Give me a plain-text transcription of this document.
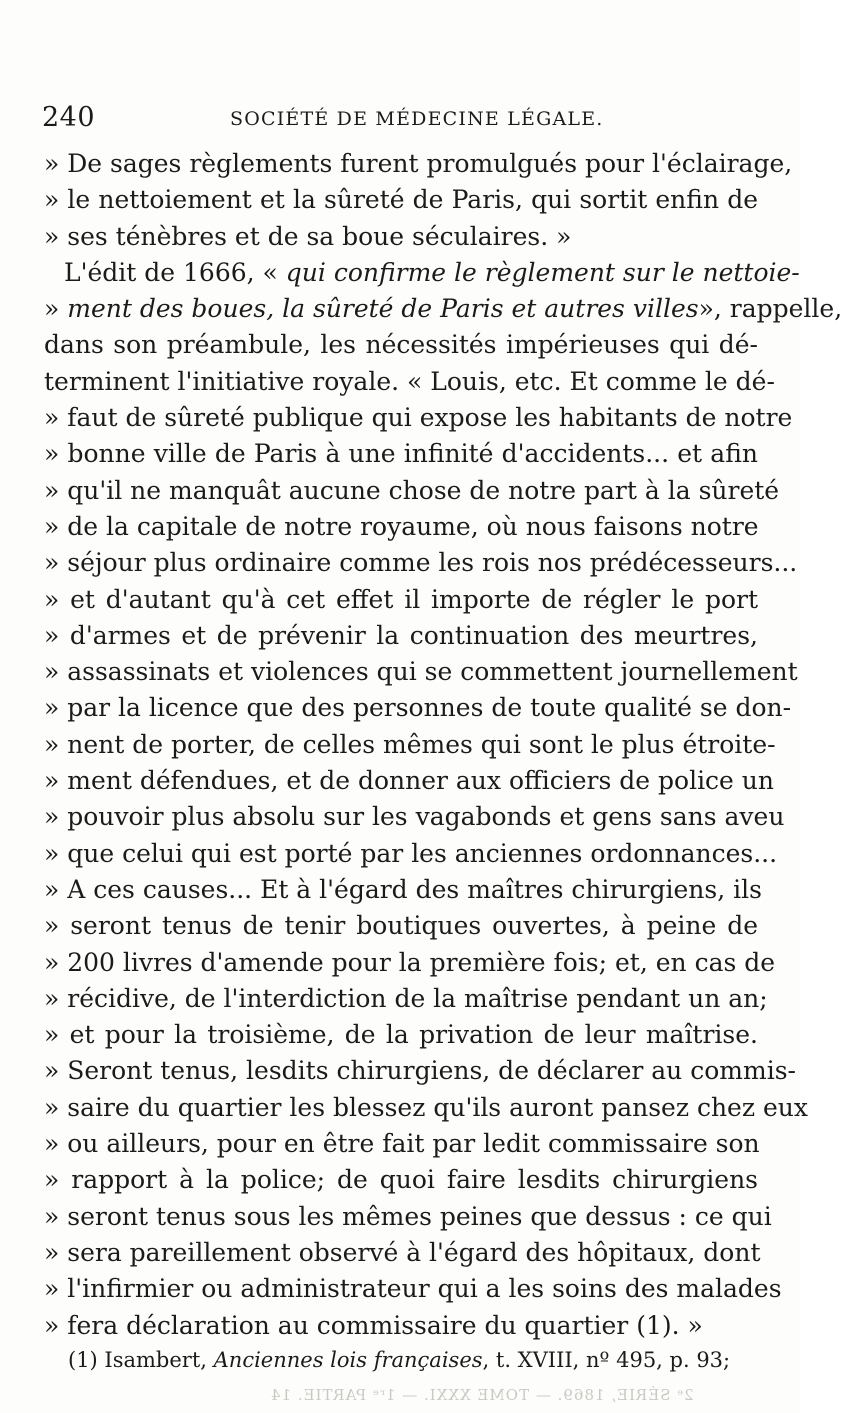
240	SOCIÉTÉ DE MÉDECINE LÉGALE.
» De sages règlements furent promulgués pour l'éclairage,
» le nettoiement et la sûreté de Paris, qui sortit enfin de
» ses ténèbres et de sa boue séculaires. »
L'édit de 1666, « qui confirme le règlement sur le nettoie-
» ment des boues, la sûreté de Paris et autres villes», rappelle,
dans son préambule, les nécessités impérieuses qui dé-
terminent l'initiative royale. « Louis, etc. Et comme le dé-
» faut de sûreté publique qui expose les habitants de notre
» bonne ville de Paris à une infinité d'accidents... et afin
» qu'il ne manquât aucune chose de notre part à la sûreté
» de la capitale de notre royaume, où nous faisons notre
» séjour plus ordinaire comme les rois nos prédécesseurs...
» et d'autant qu'à cet effet il importe de régler le port
» d'armes et de prévenir la continuation des meurtres,
» assassinats et violences qui se commettent journellement
» par la licence que des personnes de toute qualité se don-
» nent de porter, de celles mêmes qui sont le plus étroite-
» ment défendues, et de donner aux officiers de police un
» pouvoir plus absolu sur les vagabonds et gens sans aveu
» que celui qui est porté par les anciennes ordonnances...
» A ces causes... Et à l'égard des maîtres chirurgiens, ils
» seront tenus de tenir boutiques ouvertes, à peine de
» 200 livres d'amende pour la première fois; et, en cas de
» récidive, de l'interdiction de la maîtrise pendant un an;
» et pour la troisième, de la privation de leur maîtrise.
» Seront tenus, lesdits chirurgiens, de déclarer au commis-
» saire du quartier les blessez qu'ils auront pansez chez eux
» ou ailleurs, pour en être fait par ledit commissaire son
» rapport à la police; de quoi faire lesdits chirurgiens
» seront tenus sous les mêmes peines que dessus : ce qui
» sera pareillement observé à l'égard des hôpitaux, dont
» l'infirmier ou administrateur qui a les soins des malades
» fera déclaration au commissaire du quartier (1). »
(1) Isambert, Anciennes lois françaises, t. XVIII, nº 495, p. 93;
2ᵉ SÉRIE, 1869. — TOME XXXI. — 1ʳᵉ PARTIE. 14
